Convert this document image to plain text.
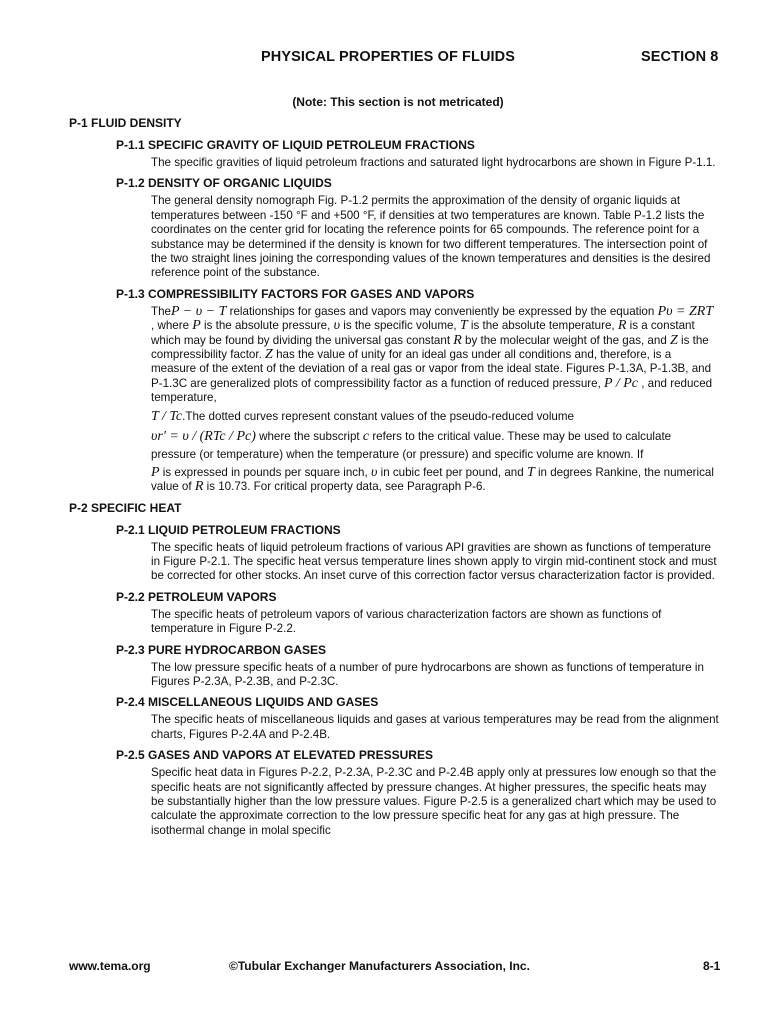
PHYSICAL PROPERTIES OF FLUIDS	SECTION 8
(Note: This section is not metricated)
P-1 FLUID DENSITY
P-1.1 SPECIFIC GRAVITY OF LIQUID PETROLEUM FRACTIONS
The specific gravities of liquid petroleum fractions and saturated light hydrocarbons are shown in Figure P-1.1.
P-1.2 DENSITY OF ORGANIC LIQUIDS
The general density nomograph Fig. P-1.2 permits the approximation of the density of organic liquids at temperatures between -150 °F and +500 °F, if densities at two temperatures are known. Table P-1.2 lists the coordinates on the center grid for locating the reference points for 65 compounds. The reference point for a substance may be determined if the density is known for two different temperatures. The intersection point of the two straight lines joining the corresponding values of the known temperatures and densities is the desired reference point of the substance.
P-1.3 COMPRESSIBILITY FACTORS FOR GASES AND VAPORS
TheP − υ − T relationships for gases and vapors may conveniently be expressed by the equation Pυ = ZRT , where P is the absolute pressure, υ is the specific volume, T is the absolute temperature, R is a constant which may be found by dividing the universal gas constant R by the molecular weight of the gas, and Z is the compressibility factor. Z has the value of unity for an ideal gas under all conditions and, therefore, is a measure of the extent of the deviation of a real gas or vapor from the ideal state. Figures P-1.3A, P-1.3B, and P-1.3C are generalized plots of compressibility factor as a function of reduced pressure, P / Pc , and reduced temperature,
T / Tc.The dotted curves represent constant values of the pseudo-reduced volume
υr' = υ / (RTc / Pc) where the subscript c refers to the critical value. These may be used to calculate pressure (or temperature) when the temperature (or pressure) and specific volume are known. If
P is expressed in pounds per square inch, υ in cubic feet per pound, and T in degrees Rankine, the numerical value of R is 10.73. For critical property data, see Paragraph P-6.
P-2 SPECIFIC HEAT
P-2.1 LIQUID PETROLEUM FRACTIONS
The specific heats of liquid petroleum fractions of various API gravities are shown as functions of temperature in Figure P-2.1. The specific heat versus temperature lines shown apply to virgin mid-continent stock and must be corrected for other stocks. An inset curve of this correction factor versus characterization factor is provided.
P-2.2 PETROLEUM VAPORS
The specific heats of petroleum vapors of various characterization factors are shown as functions of temperature in Figure P-2.2.
P-2.3 PURE HYDROCARBON GASES
The low pressure specific heats of a number of pure hydrocarbons are shown as functions of temperature in Figures P-2.3A, P-2.3B, and P-2.3C.
P-2.4 MISCELLANEOUS LIQUIDS AND GASES
The specific heats of miscellaneous liquids and gases at various temperatures may be read from the alignment charts, Figures P-2.4A and P-2.4B.
P-2.5 GASES AND VAPORS AT ELEVATED PRESSURES
Specific heat data in Figures P-2.2, P-2.3A, P-2.3C and P-2.4B apply only at pressures low enough so that the specific heats are not significantly affected by pressure changes. At higher pressures, the specific heats may be substantially higher than the low pressure values. Figure P-2.5 is a generalized chart which may be used to calculate the approximate correction to the low pressure specific heat for any gas at high pressure. The isothermal change in molal specific
www.tema.org	©Tubular Exchanger Manufacturers Association, Inc.	8-1
